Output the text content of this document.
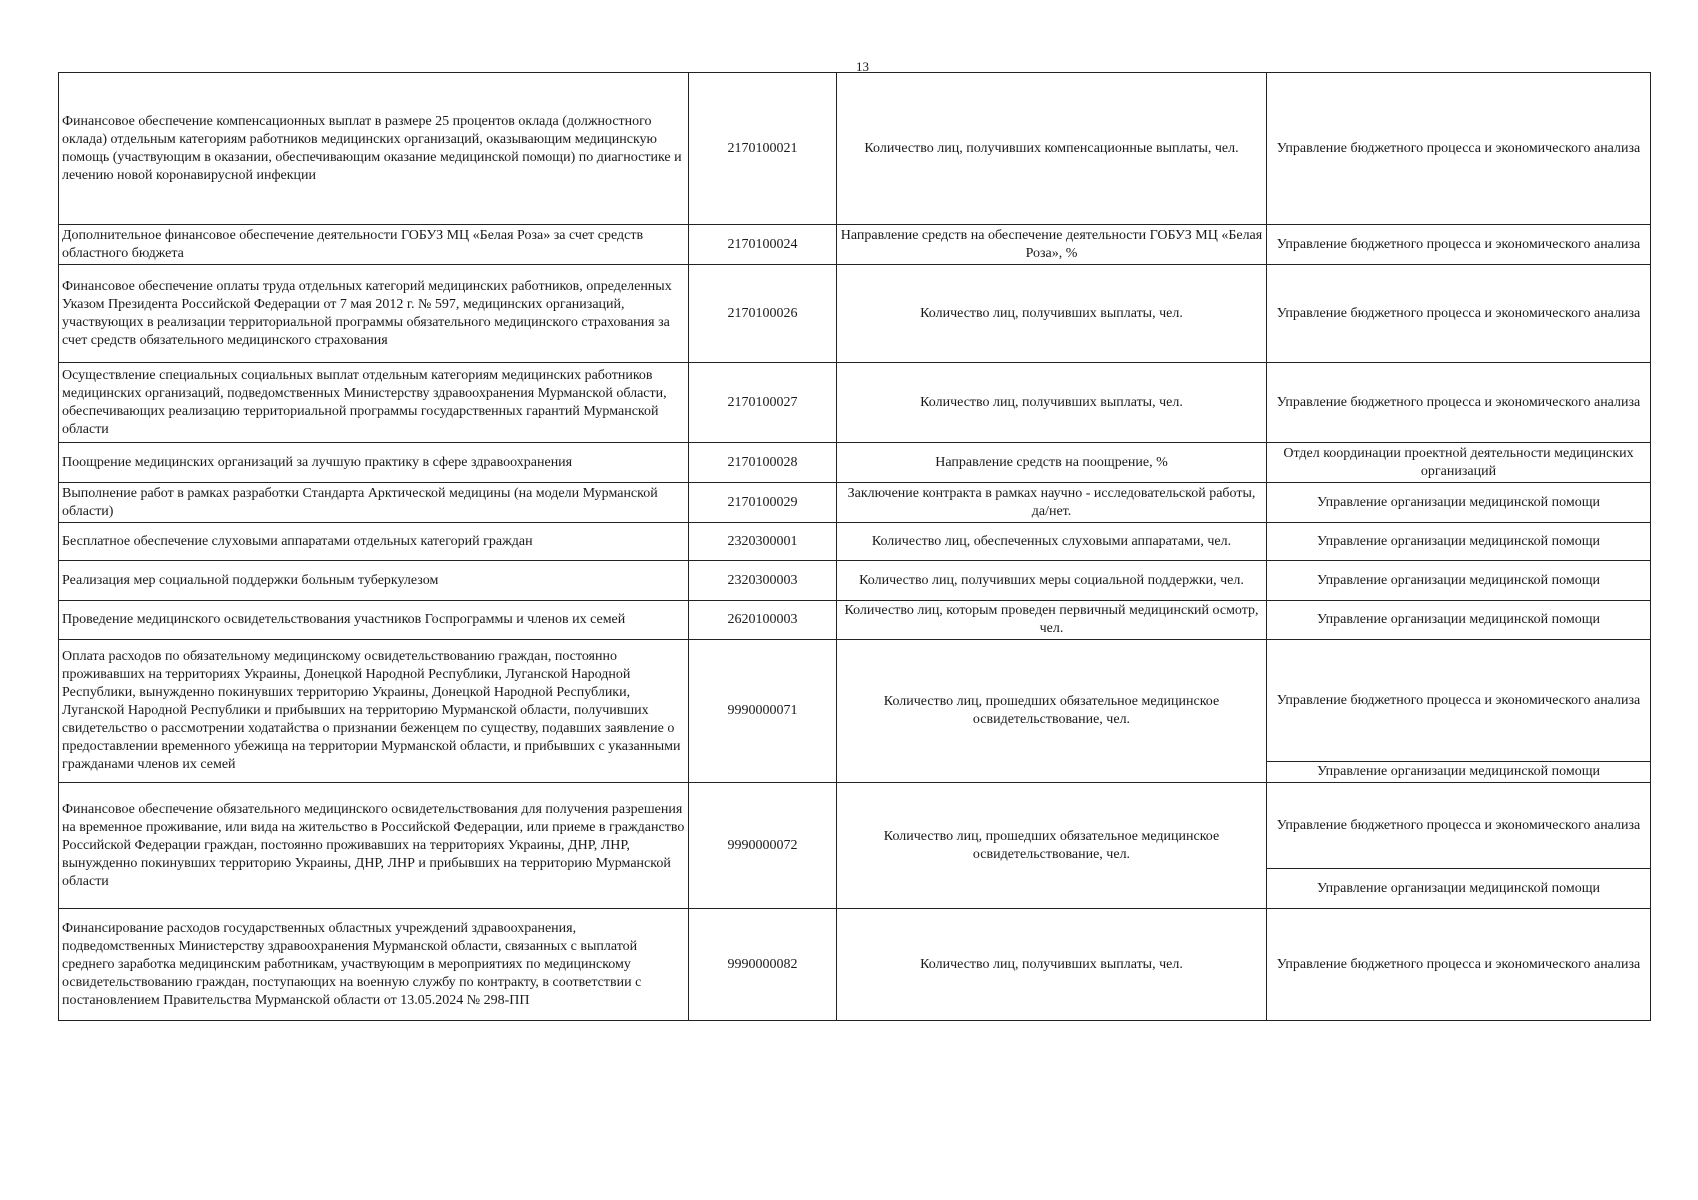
13
Финансовое обеспечение компенсационных выплат в размере 25 процентов оклада (должностного оклада) отдельным категориям работников медицинских организаций, оказывающим медицинскую помощь (участвующим в оказании, обеспечивающим оказание медицинской помощи) по диагностике и лечению новой коронавирусной инфекции	2170100021	Количество лиц, получивших компенсационные выплаты, чел.	Управление бюджетного процесса и экономического анализа
Дополнительное финансовое обеспечение деятельности ГОБУЗ МЦ «Белая Роза» за счет средств областного бюджета	2170100024	Направление средств на обеспечение деятельности ГОБУЗ МЦ «Белая Роза», %	Управление бюджетного процесса и экономического анализа
Финансовое обеспечение оплаты труда отдельных категорий медицинских работников, определенных Указом Президента Российской Федерации от 7 мая 2012 г. № 597, медицинских организаций, участвующих в реализации территориальной программы обязательного медицинского страхования за счет средств обязательного медицинского страхования	2170100026	Количество лиц, получивших выплаты, чел.	Управление бюджетного процесса и экономического анализа
Осуществление специальных социальных выплат отдельным категориям медицинских работников медицинских организаций, подведомственных Министерству здравоохранения Мурманской области, обеспечивающих реализацию территориальной программы государственных гарантий Мурманской области	2170100027	Количество лиц, получивших выплаты, чел.	Управление бюджетного процесса и экономического анализа
Поощрение медицинских организаций за лучшую практику в сфере здравоохранения	2170100028	Направление средств на поощрение, %	Отдел координации проектной деятельности медицинских организаций
Выполнение работ в рамках разработки Стандарта Арктической медицины (на модели Мурманской области)	2170100029	Заключение контракта в рамках научно - исследовательской работы, да/нет.	Управление организации медицинской помощи
Бесплатное обеспечение слуховыми аппаратами отдельных категорий граждан	2320300001	Количество лиц, обеспеченных слуховыми аппаратами, чел.	Управление организации медицинской помощи
Реализация мер социальной поддержки больным туберкулезом	2320300003	Количество лиц, получивших меры социальной поддержки, чел.	Управление организации медицинской помощи
Проведение медицинского освидетельствования участников Госпрограммы и членов их семей	2620100003	Количество лиц, которым проведен первичный медицинский осмотр, чел.	Управление организации медицинской помощи
Оплата расходов по обязательному медицинскому освидетельствованию граждан, постоянно проживавших на территориях Украины, Донецкой Народной Республики, Луганской Народной Республики, вынужденно покинувших территорию Украины, Донецкой Народной Республики, Луганской Народной Республики и прибывших на территорию Мурманской области, получивших свидетельство о рассмотрении ходатайства о признании беженцем по существу, подавших заявление о предоставлении временного убежища на территории Мурманской области, и прибывших с указанными гражданами членов их семей	9990000071	Количество лиц, прошедших обязательное медицинское освидетельствование, чел.	Управление бюджетного процесса и экономического анализа
			Управление организации медицинской помощи
Финансовое обеспечение обязательного медицинского освидетельствования для получения разрешения на временное проживание, или вида на жительство в Российской Федерации, или приеме в гражданство Российской Федерации граждан, постоянно проживавших на территориях Украины, ДНР, ЛНР, вынужденно покинувших территорию Украины, ДНР, ЛНР и прибывших на территорию Мурманской области	9990000072	Количество лиц, прошедших обязательное медицинское освидетельствование, чел.	Управление бюджетного процесса и экономического анализа
			Управление организации медицинской помощи
Финансирование расходов государственных областных учреждений здравоохранения, подведомственных Министерству здравоохранения Мурманской области, связанных с выплатой среднего заработка медицинским работникам, участвующим в мероприятиях по медицинскому освидетельствованию граждан, поступающих на военную службу по контракту, в соответствии с постановлением Правительства Мурманской области от 13.05.2024 № 298-ПП	9990000082	Количество лиц, получивших выплаты, чел.	Управление бюджетного процесса и экономического анализа
